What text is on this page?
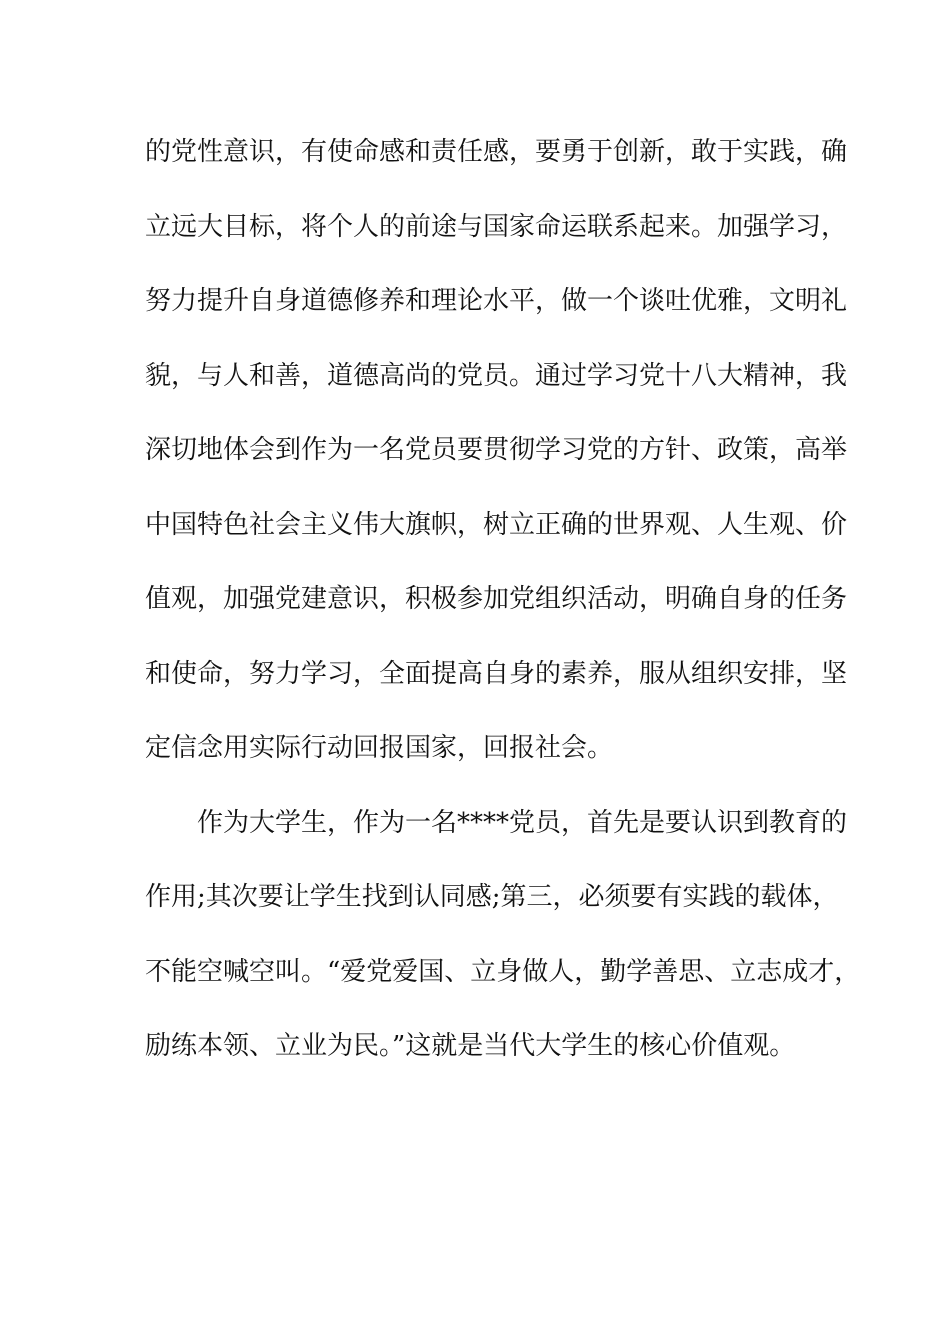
的党性意识，有使命感和责任感，要勇于创新，敢于实践，确
立远大目标，将个人的前途与国家命运联系起来。加强学习，
努力提升自身道德修养和理论水平，做一个谈吐优雅，文明礼
貌，与人和善，道德高尚的党员。通过学习党十八大精神，我
深切地体会到作为一名党员要贯彻学习党的方针、政策，高举
中国特色社会主义伟大旗帜，树立正确的世界观、人生观、价
值观，加强党建意识，积极参加党组织活动，明确自身的任务
和使命，努力学习，全面提高自身的素养，服从组织安排，坚
定信念用实际行动回报国家，回报社会。
　　作为大学生，作为一名****党员，首先是要认识到教育的
作用;其次要让学生找到认同感;第三，必须要有实践的载体，
不能空喊空叫。“爱党爱国、立身做人，勤学善思、立志成才，
励练本领、立业为民。”这就是当代大学生的核心价值观。
